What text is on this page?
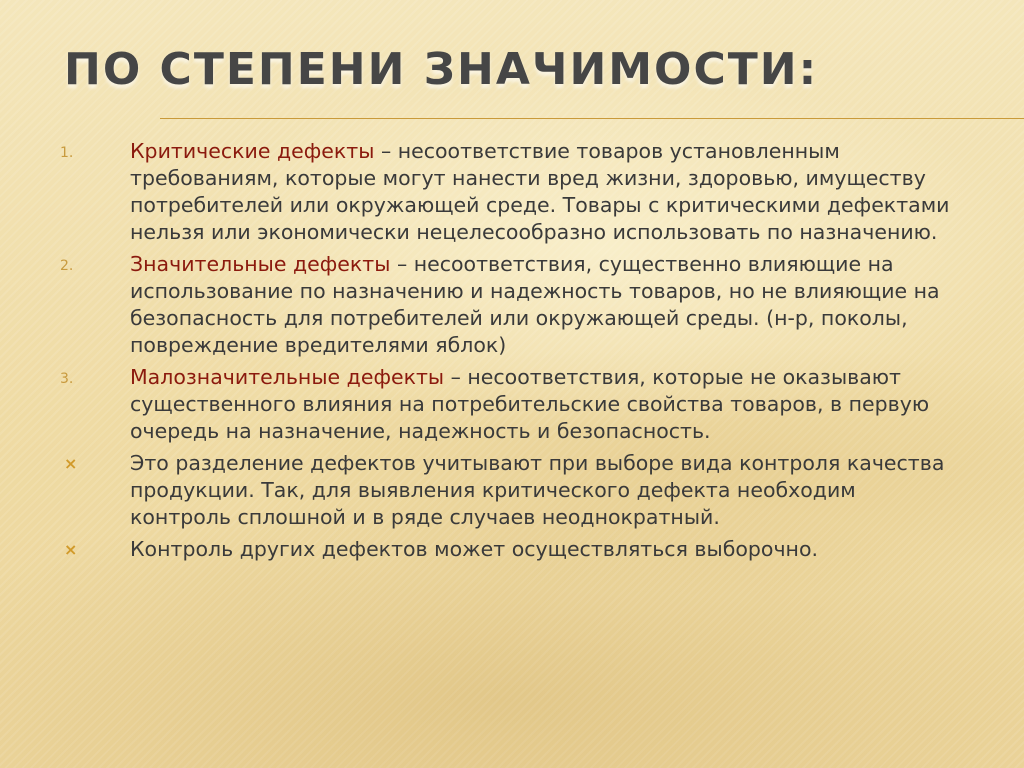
ПО СТЕПЕНИ ЗНАЧИМОСТИ:
1.	Критические дефекты – несоответствие товаров установленным требованиям, которые могут нанести вред жизни, здоровью, имуществу потребителей или окружающей среде. Товары с критическими дефектами нельзя или экономически нецелесообразно использовать по назначению.
2.	Значительные дефекты – несоответствия, существенно влияющие на использование по назначению и надежность товаров, но не влияющие на безопасность для потребителей или окружающей среды. (н-р, поколы, повреждение вредителями яблок)
3.	Малозначительные дефекты – несоответствия, которые не оказывают существенного влияния на потребительские свойства товаров, в первую очередь на назначение, надежность и безопасность.
×	Это разделение дефектов учитывают при выборе вида контроля качества продукции. Так, для выявления критического дефекта необходим контроль сплошной и в ряде случаев неоднократный.
×	Контроль других дефектов может осуществляться выборочно.
